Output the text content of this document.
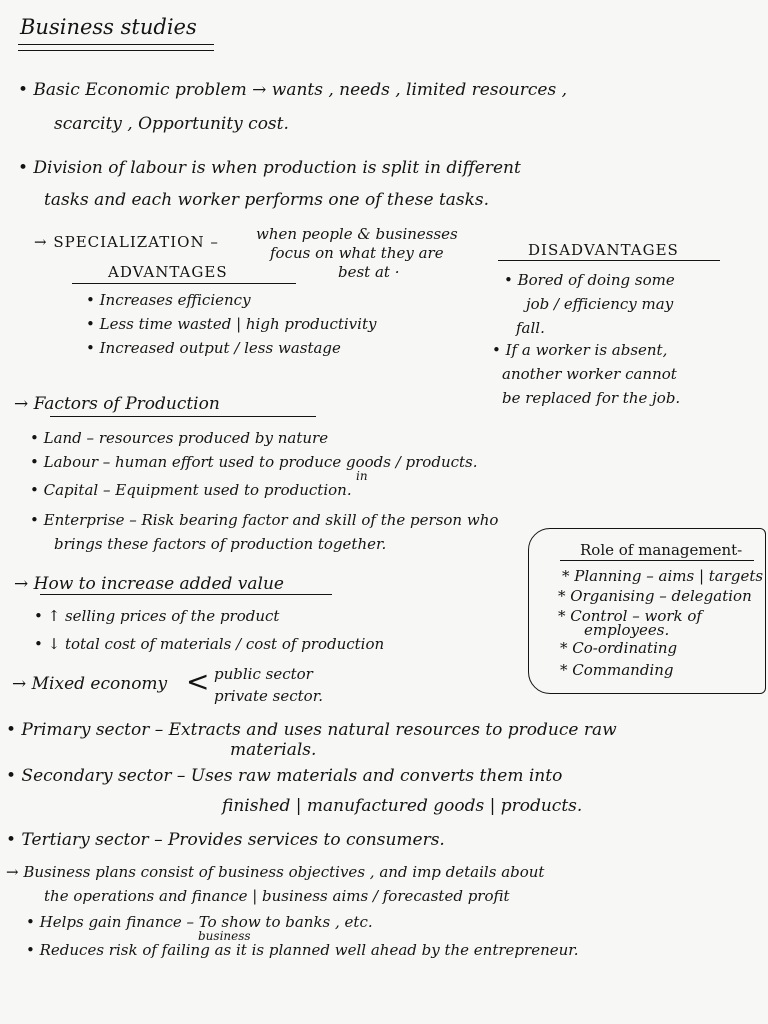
Business studies
• Basic Economic problem → wants , needs , limited resources ,
scarcity , Opportunity cost.
• Division of labour is when production is split in different
tasks and each worker performs one of these tasks.
→ SPECIALIZATION – when people & businesses
focus on what they are
best at ·
ADVANTAGES
• Increases efficiency
• Less time wasted | high productivity
• Increased output / less wastage
DISADVANTAGES
• Bored of doing some
job / efficiency may
fall.
• If a worker is absent,
another worker cannot
be replaced for the job.
→ Factors of Production
• Land – resources produced by nature
• Labour – human effort used to produce goods / products.
in
• Capital – Equipment used to production.
• Enterprise – Risk bearing factor and skill of the person who
brings these factors of production together.	Role of management-
* Planning – aims | targets
* Organising – delegation
* Control – work of
employees.
* Co-ordinating
* Commanding
→ How to increase added value
• ↑ selling prices of the product
• ↓ total cost of materials / cost of production
→ Mixed economy < public sector
private sector.
• Primary sector – Extracts and uses natural resources to produce raw
materials.
• Secondary sector – Uses raw materials and converts them into
finished | manufactured goods | products.
• Tertiary sector – Provides services to consumers.
→ Business plans consist of business objectives , and imp details about
the operations and finance | business aims / forecasted profit
• Helps gain finance – To show to banks , etc.
business
• Reduces risk of failing as it is planned well ahead by the entrepreneur.
